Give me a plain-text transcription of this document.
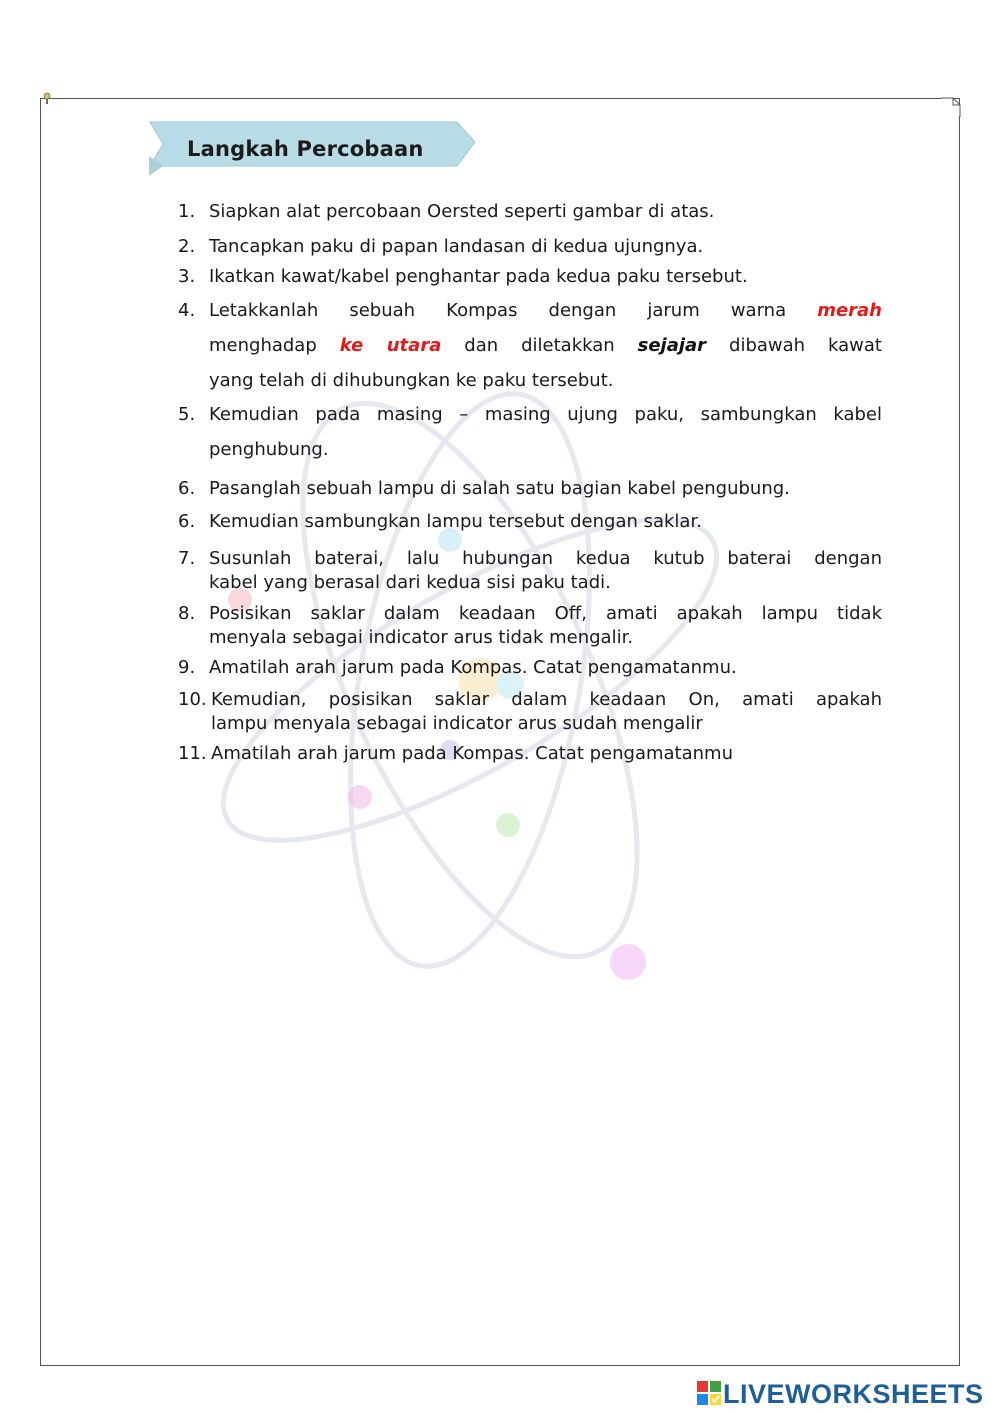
Langkah Percobaan
1. Siapkan alat percobaan Oersted seperti gambar di atas.
2. Tancapkan paku di papan landasan di kedua ujungnya.
3. Ikatkan kawat/kabel penghantar pada kedua paku tersebut.
4. Letakkanlah sebuah Kompas dengan jarum warna merah
menghadap ke utara dan diletakkan sejajar dibawah kawat
yang telah di dihubungkan ke paku tersebut.
5. Kemudian pada masing – masing ujung paku, sambungkan kabel
penghubung.
6. Pasanglah sebuah lampu di salah satu bagian kabel pengubung.
6. Kemudian sambungkan lampu tersebut dengan saklar.
7. Susunlah baterai, lalu hubungan kedua kutub baterai dengan
kabel yang berasal dari kedua sisi paku tadi.
8. Posisikan saklar dalam keadaan Off, amati apakah lampu tidak
menyala sebagai indicator arus tidak mengalir.
9. Amatilah arah jarum pada Kompas. Catat pengamatanmu.
10. Kemudian, posisikan saklar dalam keadaan On, amati apakah
lampu menyala sebagai indicator arus sudah mengalir
11. Amatilah arah jarum pada Kompas. Catat pengamatanmu
LIVEWORKSHEETS
